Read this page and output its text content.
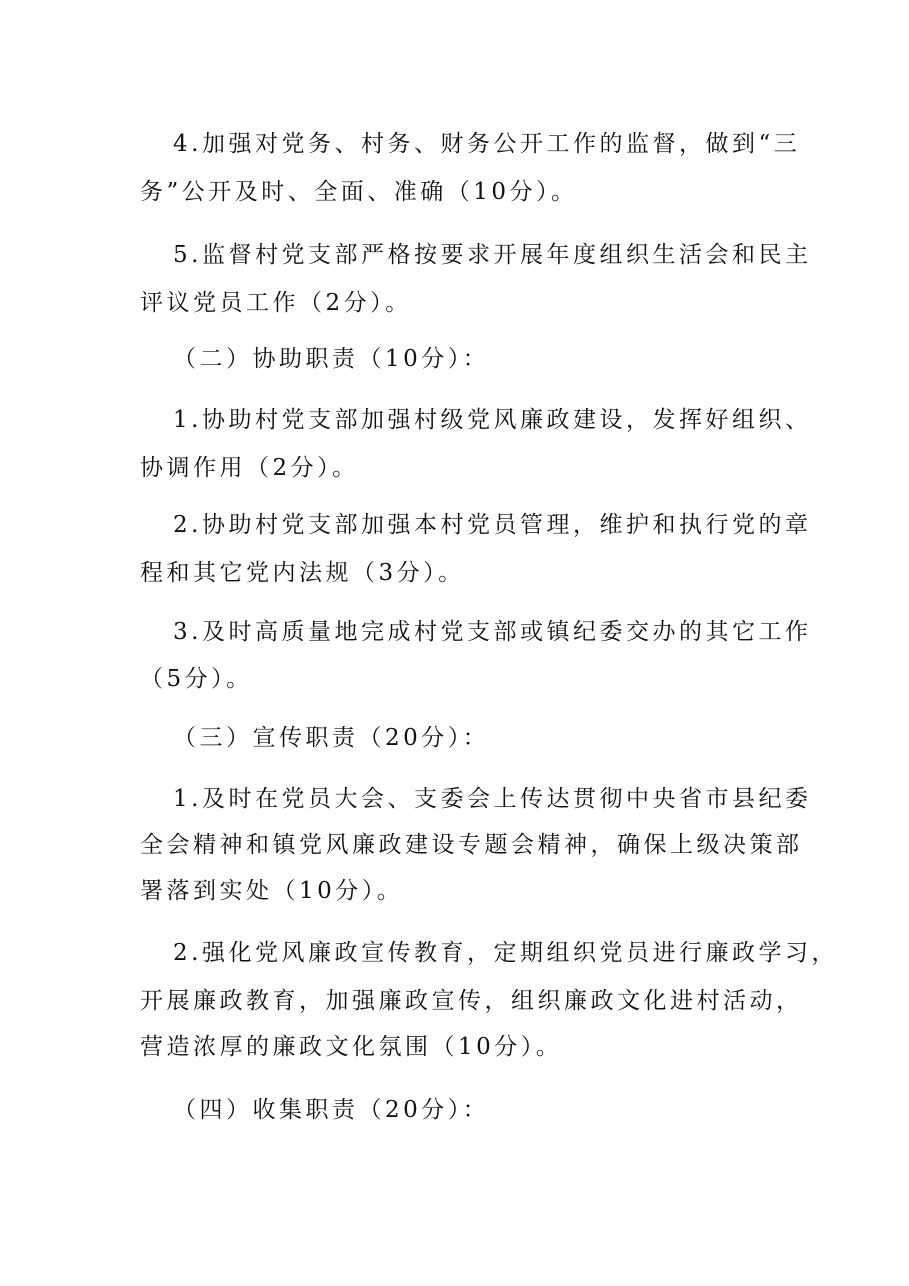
4.加强对党务、村务、财务公开工作的监督，做到“三
务”公开及时、全面、准确（10分）。
5.监督村党支部严格按要求开展年度组织生活会和民主
评议党员工作（2分）。
（二）协助职责（10分）：
1.协助村党支部加强村级党风廉政建设，发挥好组织、
协调作用（2分）。
2.协助村党支部加强本村党员管理，维护和执行党的章
程和其它党内法规（3分）。
3.及时高质量地完成村党支部或镇纪委交办的其它工作
（5分）。
（三）宣传职责（20分）：
1.及时在党员大会、支委会上传达贯彻中央省市县纪委
全会精神和镇党风廉政建设专题会精神，确保上级决策部
署落到实处（10分）。
2.强化党风廉政宣传教育，定期组织党员进行廉政学习，
开展廉政教育，加强廉政宣传，组织廉政文化进村活动，
营造浓厚的廉政文化氛围（10分）。
（四）收集职责（20分）：
